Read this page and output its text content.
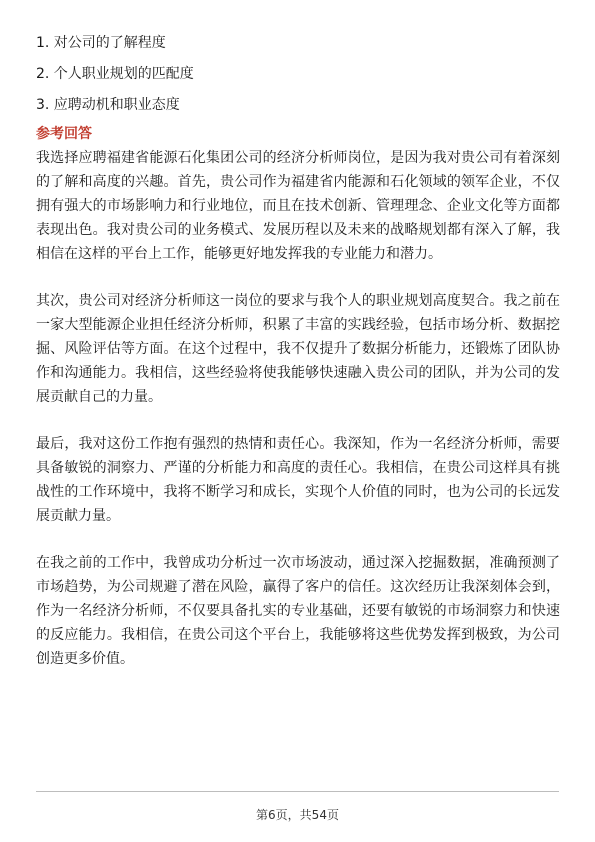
1. 对公司的了解程度
2. 个人职业规划的匹配度
3. 应聘动机和职业态度
参考回答

我选择应聘福建省能源石化集团公司的经济分析师岗位，是因为我对贵公司有着深刻的了解和高度的兴趣。首先，贵公司作为福建省内能源和石化领域的领军企业，不仅拥有强大的市场影响力和行业地位，而且在技术创新、管理理念、企业文化等方面都表现出色。我对贵公司的业务模式、发展历程以及未来的战略规划都有深入了解，我相信在这样的平台上工作，能够更好地发挥我的专业能力和潜力。

其次，贵公司对经济分析师这一岗位的要求与我个人的职业规划高度契合。我之前在一家大型能源企业担任经济分析师，积累了丰富的实践经验，包括市场分析、数据挖掘、风险评估等方面。在这个过程中，我不仅提升了数据分析能力，还锻炼了团队协作和沟通能力。我相信，这些经验将使我能够快速融入贵公司的团队，并为公司的发展贡献自己的力量。

最后，我对这份工作抱有强烈的热情和责任心。我深知，作为一名经济分析师，需要具备敏锐的洞察力、严谨的分析能力和高度的责任心。我相信，在贵公司这样具有挑战性的工作环境中，我将不断学习和成长，实现个人价值的同时，也为公司的长远发展贡献力量。

在我之前的工作中，我曾成功分析过一次市场波动，通过深入挖掘数据，准确预测了市场趋势，为公司规避了潜在风险，赢得了客户的信任。这次经历让我深刻体会到，作为一名经济分析师，不仅要具备扎实的专业基础，还要有敏锐的市场洞察力和快速的反应能力。我相信，在贵公司这个平台上，我能够将这些优势发挥到极致，为公司创造更多价值。

第6页，共54页
